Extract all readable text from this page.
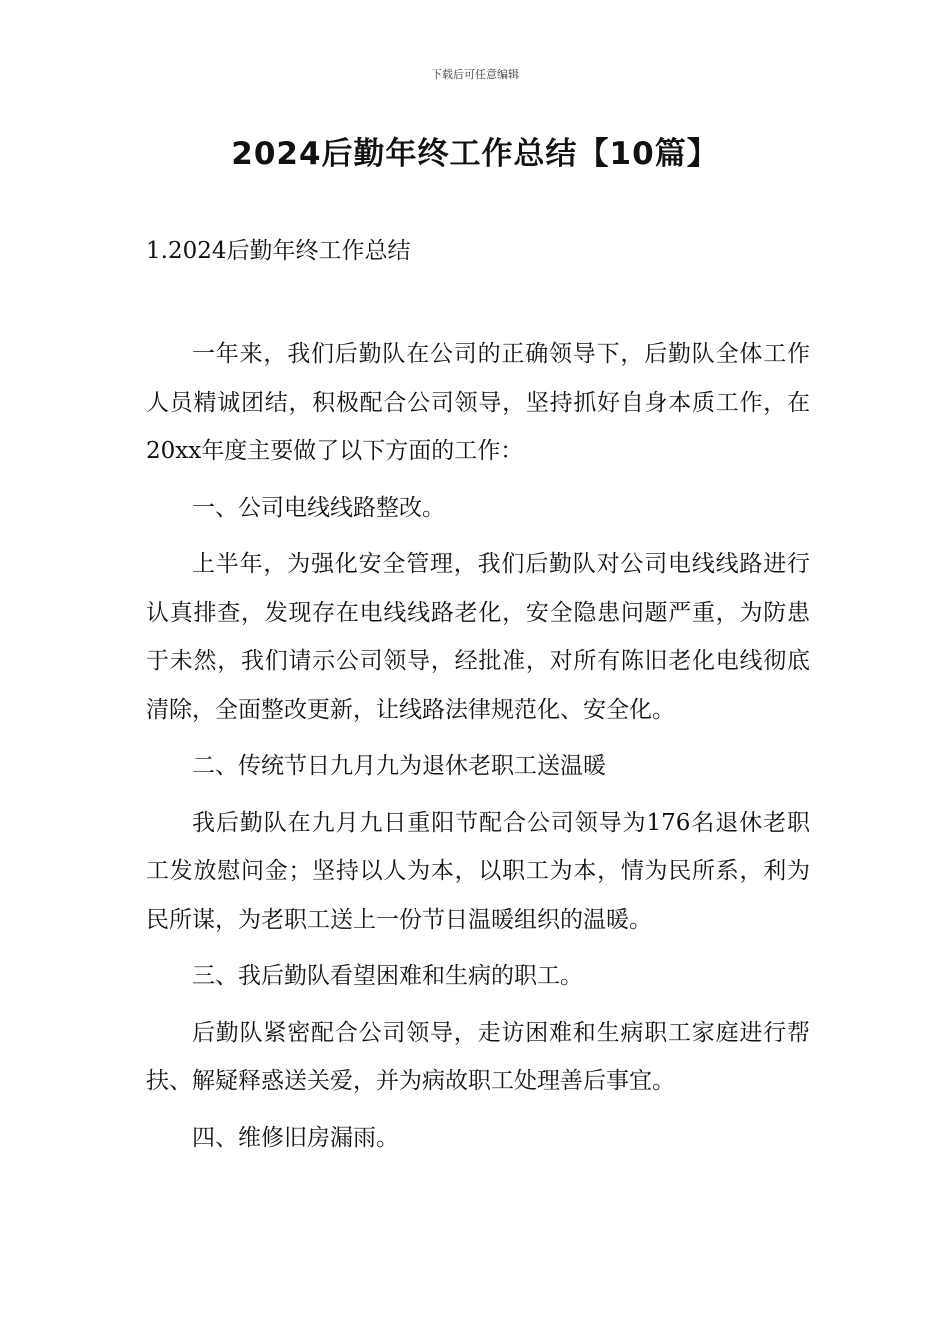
下载后可任意编辑
2024后勤年终工作总结【10篇】
1.2024后勤年终工作总结

一年来，我们后勤队在公司的正确领导下，后勤队全体工作人员精诚团结，积极配合公司领导，坚持抓好自身本质工作，在20xx年度主要做了以下方面的工作：

一、公司电线线路整改。

上半年，为强化安全管理，我们后勤队对公司电线线路进行认真排查，发现存在电线线路老化，安全隐患问题严重，为防患于未然，我们请示公司领导，经批准，对所有陈旧老化电线彻底清除，全面整改更新，让线路法律规范化、安全化。

二、传统节日九月九为退休老职工送温暖

我后勤队在九月九日重阳节配合公司领导为176名退休老职工发放慰问金；坚持以人为本，以职工为本，情为民所系，利为民所谋，为老职工送上一份节日温暖组织的温暖。

三、我后勤队看望困难和生病的职工。

后勤队紧密配合公司领导，走访困难和生病职工家庭进行帮扶、解疑释惑送关爱，并为病故职工处理善后事宜。

四、维修旧房漏雨。
